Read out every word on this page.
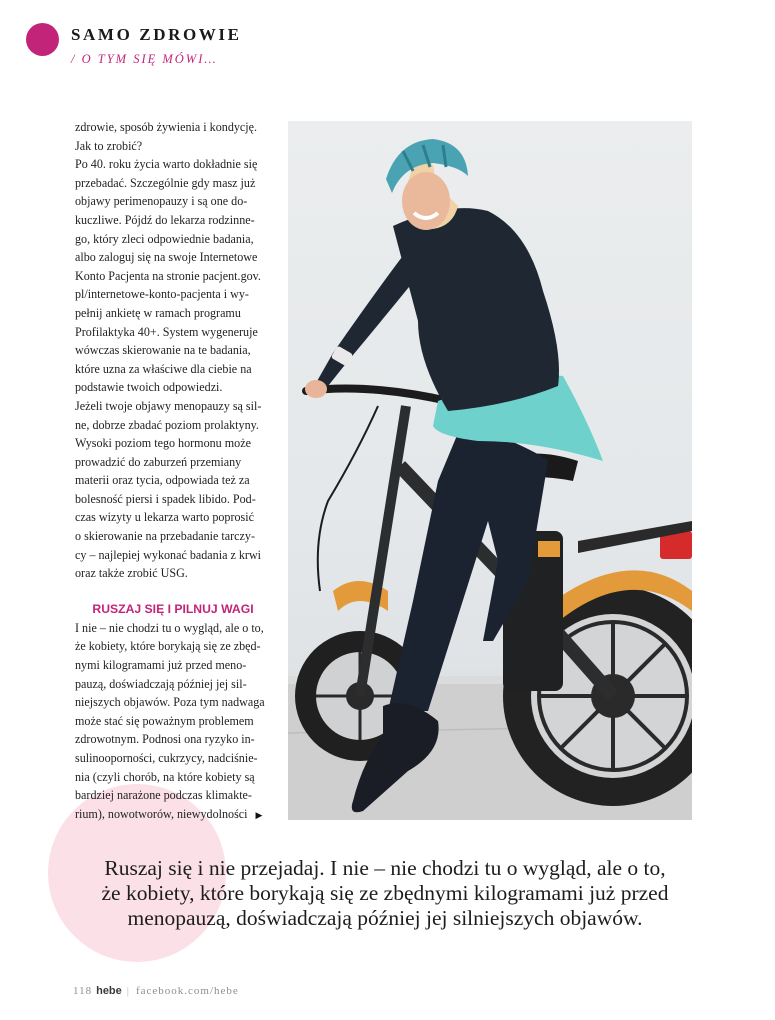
SAMO ZDROWIE
/ O TYM SIĘ MÓWI…
zdrowie, sposób żywienia i kondycję.
Jak to zrobić?
Po 40. roku życia warto dokładnie się
przebadać. Szczególnie gdy masz już
objawy perimenopauzy i są one do-
kuczliwe. Pójdź do lekarza rodzinne-
go, który zleci odpowiednie badania,
albo zaloguj się na swoje Internetowe
Konto Pacjenta na stronie pacjent.gov.
pl/internetowe-konto-pacjenta i wy-
pełnij ankietę w ramach programu
Profilaktyka 40+. System wygeneruje
wówczas skierowanie na te badania,
które uzna za właściwe dla ciebie na
podstawie twoich odpowiedzi.
Jeżeli twoje objawy menopauzy są sil-
ne, dobrze zbadać poziom prolaktyny.
Wysoki poziom tego hormonu może
prowadzić do zaburzeń przemiany
materii oraz tycia, odpowiada też za
bolesność piersi i spadek libido. Pod-
czas wizyty u lekarza warto poprosić
o skierowanie na przebadanie tarczy-
cy – najlepiej wykonać badania z krwi
oraz także zrobić USG.
RUSZAJ SIĘ I PILNUJ WAGI
I nie – nie chodzi tu o wygląd, ale o to,
że kobiety, które borykają się ze zbęd-
nymi kilogramami już przed meno-
pauzą, doświadczają później jej sil-
niejszych objawów. Poza tym nadwaga
może stać się poważnym problemem
zdrowotnym. Podnosi ona ryzyko in-
sulinooporności, cukrzycy, nadciśnie-
nia (czyli chorób, na które kobiety są
bardziej narażone podczas klimakte-
rium), nowotworów, niewydolności ▶
Ruszaj się i nie przejadaj. I nie – nie chodzi tu o wygląd, ale o to,
że kobiety, które borykają się ze zbędnymi kilogramami już przed
menopauzą, doświadczają później jej silniejszych objawów.
118 hebe | facebook.com/hebe
